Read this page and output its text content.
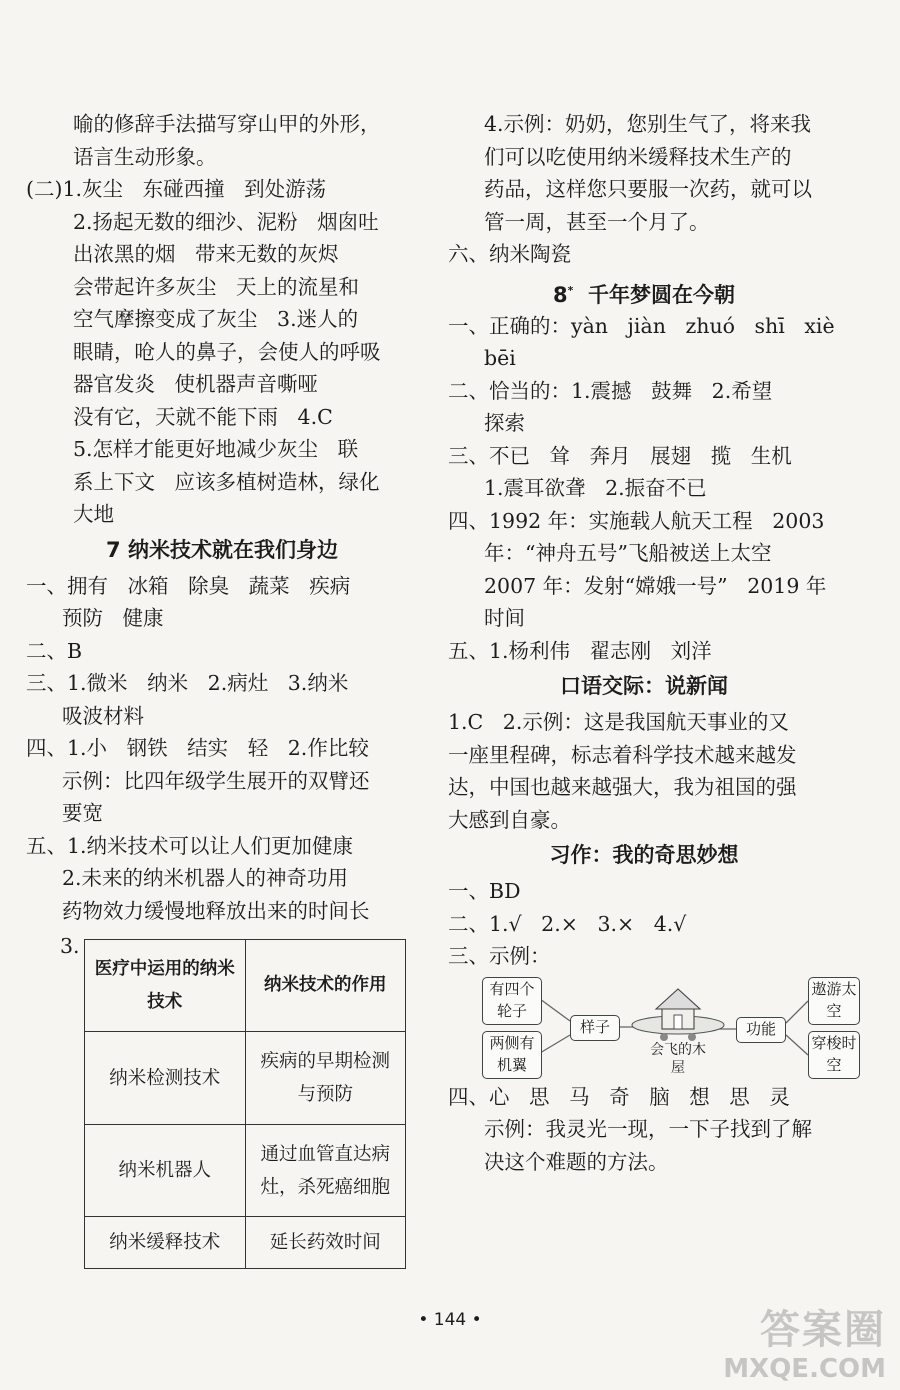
喻的修辞手法描写穿山甲的外形，
语言生动形象。
(二)1.灰尘   东碰西撞   到处游荡
2.扬起无数的细沙、泥粉   烟囱吐
出浓黑的烟   带来无数的灰烬
会带起许多灰尘   天上的流星和
空气摩擦变成了灰尘   3.迷人的
眼睛，呛人的鼻子，会使人的呼吸
器官发炎   使机器声音嘶哑
没有它，天就不能下雨   4.C
5.怎样才能更好地减少灰尘   联
系上下文   应该多植树造林，绿化
大地
7 纳米技术就在我们身边
一、拥有   冰箱   除臭   蔬菜   疾病
预防   健康
二、B
三、1.微米   纳米   2.病灶   3.纳米
吸波材料
四、1.小   钢铁   结实   轻   2.作比较
示例：比四年级学生展开的双臂还
要宽
五、1.纳米技术可以让人们更加健康
2.未来的纳米机器人的神奇功用
药物效力缓慢地释放出来的时间长
3.
医疗中运用的纳米技术	纳米技术的作用
纳米检测技术	疾病的早期检测与预防
纳米机器人	通过血管直达病灶，杀死癌细胞
纳米缓释技术	延长药效时间
4.示例：奶奶，您别生气了，将来我
们可以吃使用纳米缓释技术生产的
药品，这样您只要服一次药，就可以
管一周，甚至一个月了。
六、纳米陶瓷
8* 千年梦圆在今朝
一、正确的：yàn   jiàn   zhuó   shī   xiè
bēi
二、恰当的：1.震撼   鼓舞   2.希望
探索
三、不已   耸   奔月   展翅   揽   生机
1.震耳欲聋   2.振奋不已
四、1992 年：实施载人航天工程   2003
年：“神舟五号”飞船被送上太空
2007 年：发射“嫦娥一号”   2019 年
时间
五、1.杨利伟   翟志刚   刘洋
口语交际：说新闻
1.C   2.示例：这是我国航天事业的又
一座里程碑，标志着科学技术越来越发
达，中国也越来越强大，我为祖国的强
大感到自豪。
习作：我的奇思妙想
一、BD
二、1.√   2.×   3.×   4.√
三、示例：
有四个轮子
两侧有机翼
样子
会飞的木屋
功能
遨游太空
穿梭时空
四、心   思   马   奇   脑   想   思   灵
示例：我灵光一现，一下子找到了解
决这个难题的方法。
• 144 •	答案圈
MXQE.COM
